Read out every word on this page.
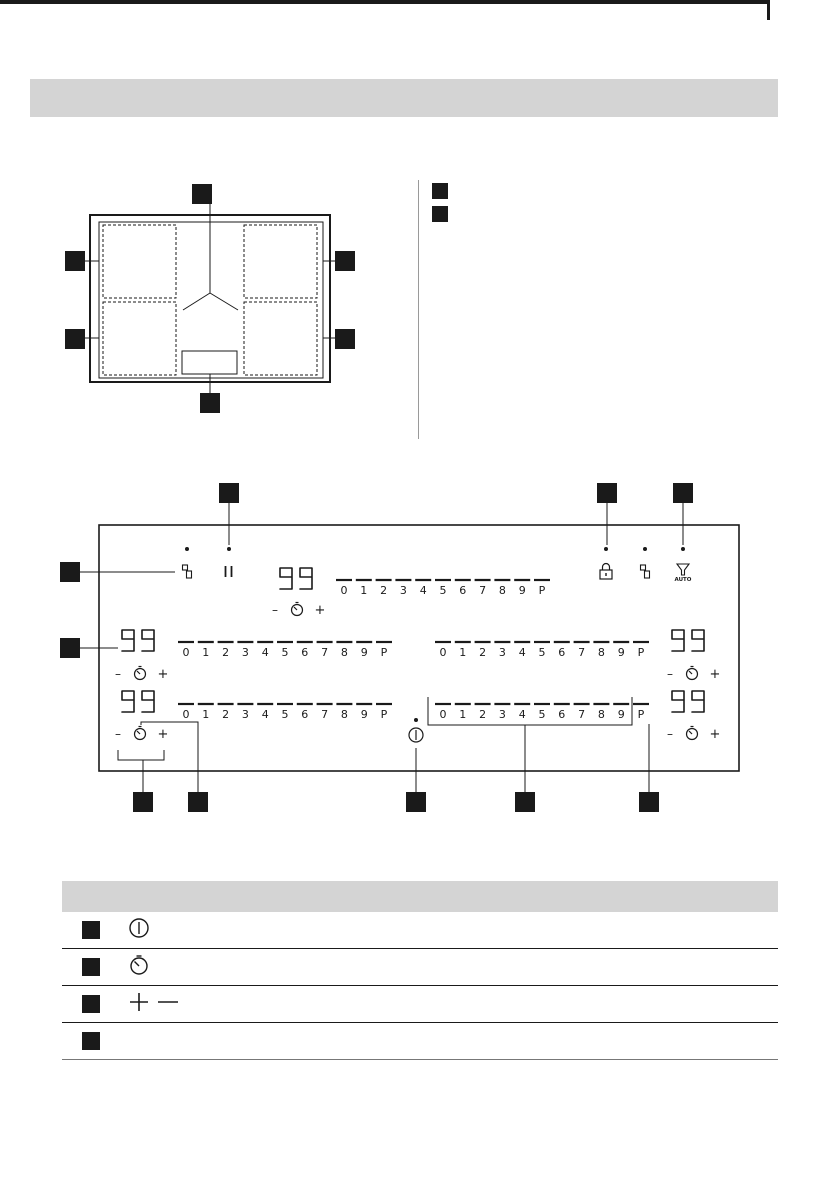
AUTO
0 1 2 3 4 5 6 7 8 9 P
–	+
0 1 2 3 4 5 6 7 8 9 P	0 1 2 3 4 5 6 7 8 9 P
–	+	–	+
0 1 2 3 4 5 6 7 8 9 P	0 1 2 3 4 5 6 7 8 9 P
–	+	–	+
